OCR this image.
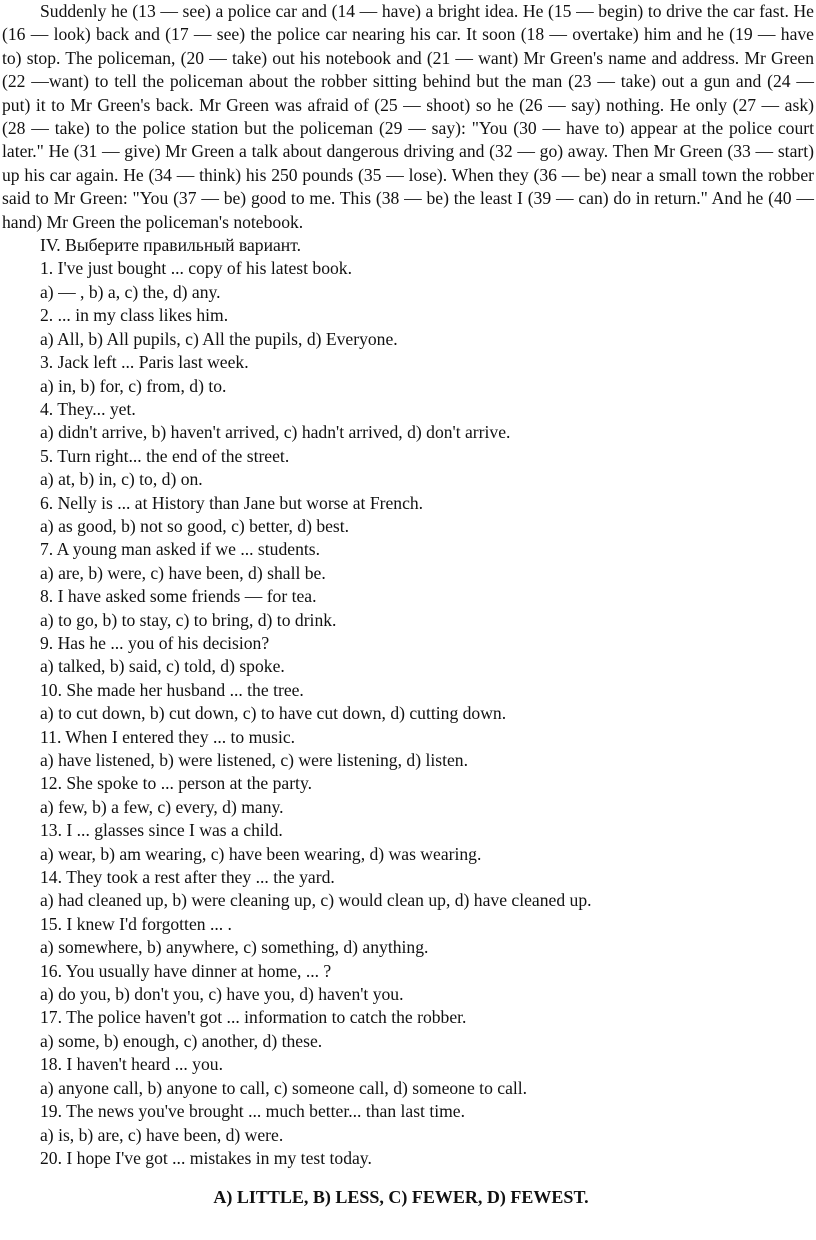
Suddenly he (13 — see) a police car and (14 — have) a bright idea. He (15 — begin) to drive the car fast. He (16 — look) back and (17 — see) the police car nearing his car. It soon (18 — overtake) him and he (19 — have to) stop. The policeman, (20 — take) out his notebook and (21 — want) Mr Green's name and address. Mr Green (22 —want) to tell the policeman about the robber sitting behind but the man (23 — take) out a gun and (24 — put) it to Mr Green's back. Mr Green was afraid of (25 — shoot) so he (26 — say) nothing. He only (27 — ask) (28 — take) to the police station but the policeman (29 — say): "You (30 — have to) appear at the police court later." He (31 — give) Mr Green a talk about dangerous driving and (32 — go) away. Then Mr Green (33 — start) up his car again. He (34 — think) his 250 pounds (35 — lose). When they (36 — be) near a small town the robber said to Mr Green: "You (37 — be) good to me. This (38 — be) the least I (39 — can) do in return." And he (40 — hand) Mr Green the policeman's notebook.

IV. Выберите правильный вариант.

1. I've just bought ... copy of his latest book.
a) — , b) a, c) the, d) any.
2. ... in my class likes him.
a) All, b) All pupils, c) All the pupils, d) Everyone.
3. Jack left ... Paris last week.
a) in, b) for, c) from, d) to.
4. They... yet.
a) didn't arrive, b) haven't arrived, c) hadn't arrived, d) don't arrive.
5. Turn right... the end of the street.
a) at, b) in, c) to, d) on.
6. Nelly is ... at History than Jane but worse at French.
a) as good, b) not so good, c) better, d) best.
7. A young man asked if we ... students.
a) are, b) were, c) have been, d) shall be.
8. I have asked some friends — for tea.
a) to go, b) to stay, c) to bring, d) to drink.
9. Has he ... you of his decision?
a) talked, b) said, c) told, d) spoke.
10. She made her husband ... the tree.
a) to cut down, b) cut down, c) to have cut down, d) cutting down.
11. When I entered they ... to music.
a) have listened, b) were listened, c) were listening, d) listen.
12. She spoke to ... person at the party.
a) few, b) a few, c) every, d) many.
13. I ... glasses since I was a child.
a) wear, b) am wearing, c) have been wearing, d) was wearing.
14. They took a rest after they ... the yard.
a) had cleaned up, b) were cleaning up, c) would clean up, d) have cleaned up.
15. I knew I'd forgotten ... .
a) somewhere, b) anywhere, c) something, d) anything.
16. You usually have dinner at home, ... ?
a) do you, b) don't you, c) have you, d) haven't you.
17. The police haven't got ... information to catch the robber.
a) some, b) enough, c) another, d) these.
18. I haven't heard ... you.
a) anyone call, b) anyone to call, c) someone call, d) someone to call.
19. The news you've brought ... much better... than last time.
a) is, b) are, c) have been, d) were.
20. I hope I've got ... mistakes in my test today.

A) LITTLE, B) LESS, C) FEWER, D) FEWEST.
